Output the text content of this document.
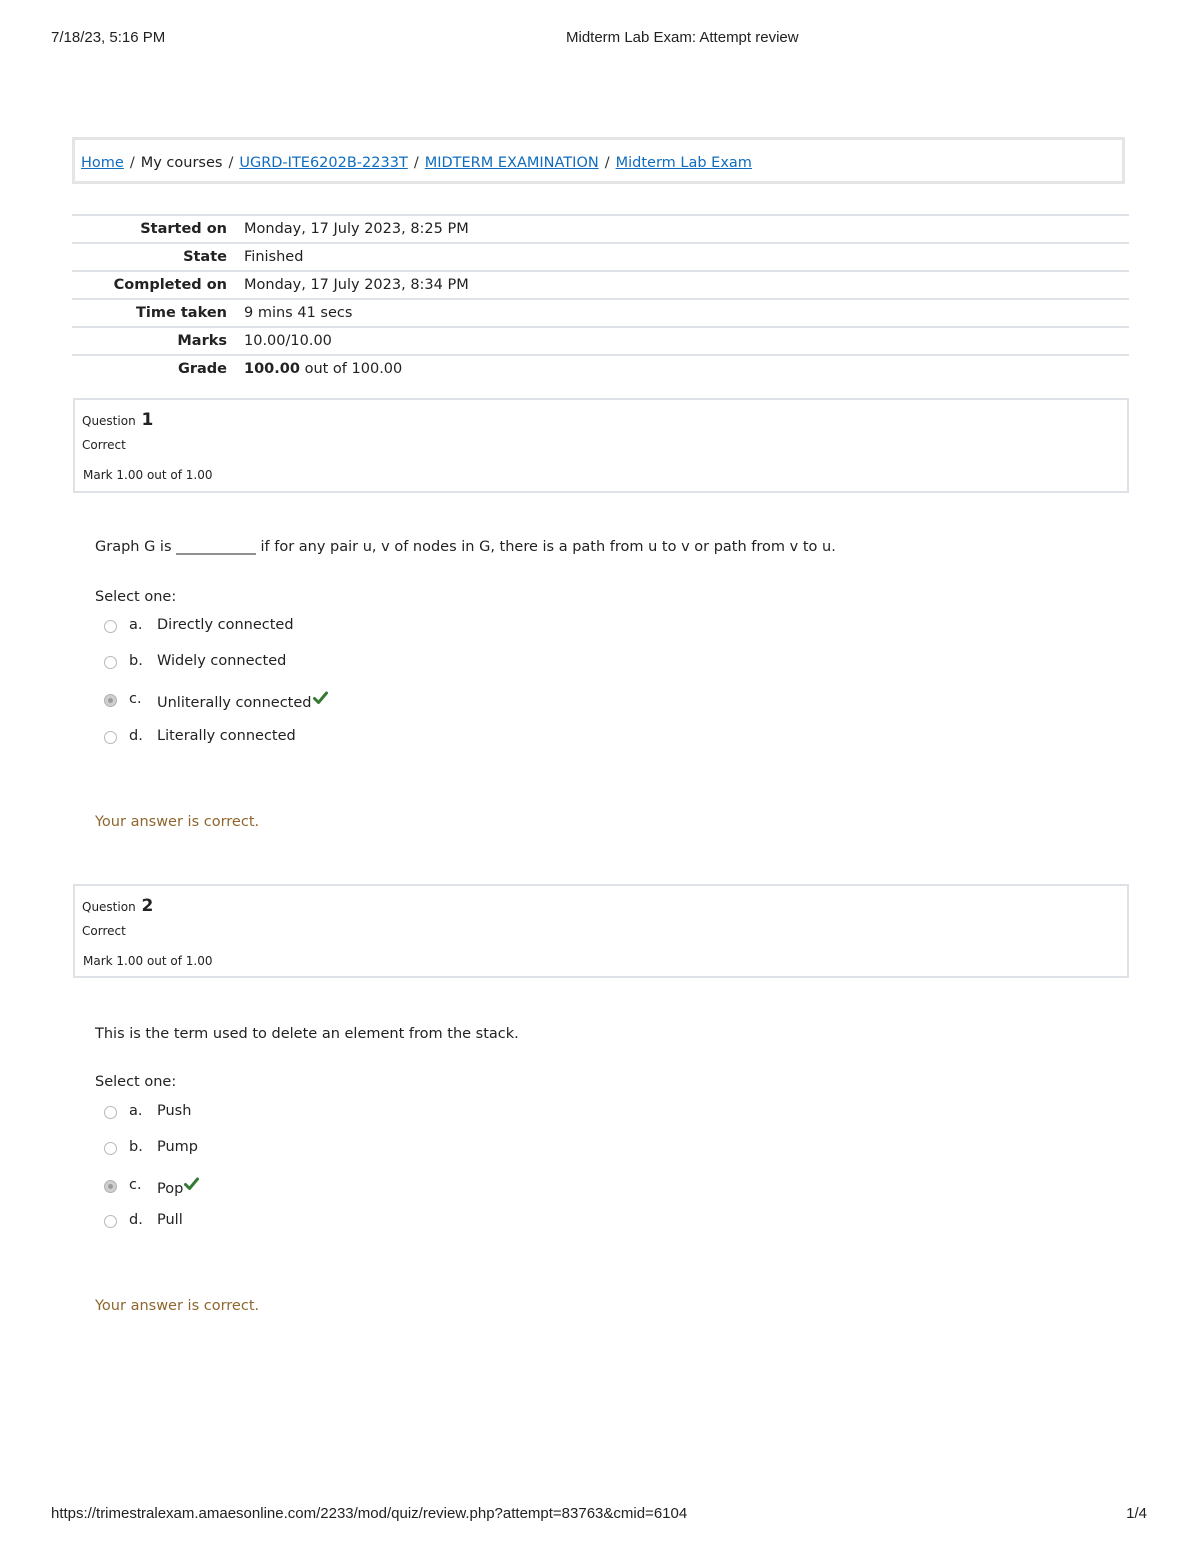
7/18/23, 5:16 PM	Midterm Lab Exam: Attempt review
Home / My courses / UGRD-ITE6202B-2233T / MIDTERM EXAMINATION / Midterm Lab Exam
Started on	Monday, 17 July 2023, 8:25 PM
State	Finished
Completed on	Monday, 17 July 2023, 8:34 PM
Time taken	9 mins 41 secs
Marks	10.00/10.00
Grade	100.00 out of 100.00
Question 1
Correct
Mark 1.00 out of 1.00
Graph G is ___________ if for any pair u, v of nodes in G, there is a path from u to v or path from v to u.
Select one:
a. Directly connected
b. Widely connected
c. Unliterally connected
d. Literally connected
Your answer is correct.
Question 2
Correct
Mark 1.00 out of 1.00
This is the term used to delete an element from the stack.
Select one:
a. Push
b. Pump
c. Pop
d. Pull
Your answer is correct.
https://trimestralexam.amaesonline.com/2233/mod/quiz/review.php?attempt=83763&cmid=6104	1/4
